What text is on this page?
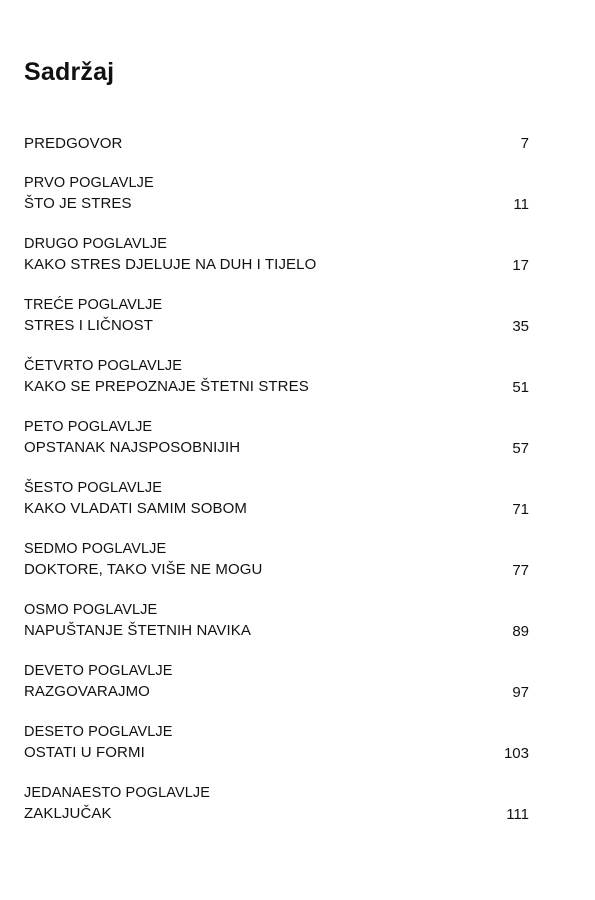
Sadržaj
PREDGOVOR	7
PRVO POGLAVLJE
ŠTO JE STRES	11
DRUGO POGLAVLJE
KAKO STRES DJELUJE NA DUH I TIJELO	17
TREĆE POGLAVLJE
STRES I LIČNOST	35
ČETVRTO POGLAVLJE
KAKO SE PREPOZNAJE ŠTETNI STRES	51
PETO POGLAVLJE
OPSTANAK NAJSPOSOBNIJIH	57
ŠESTO POGLAVLJE
KAKO VLADATI SAMIM SOBOM	71
SEDMO POGLAVLJE
DOKTORE, TAKO VIŠE NE MOGU	77
OSMO POGLAVLJE
NAPUŠTANJE ŠTETNIH NAVIKA	89
DEVETO POGLAVLJE
RAZGOVARAJMO	97
DESETO POGLAVLJE
OSTATI U FORMI	103
JEDANAESTO POGLAVLJE
ZAKLJUČAK	111
